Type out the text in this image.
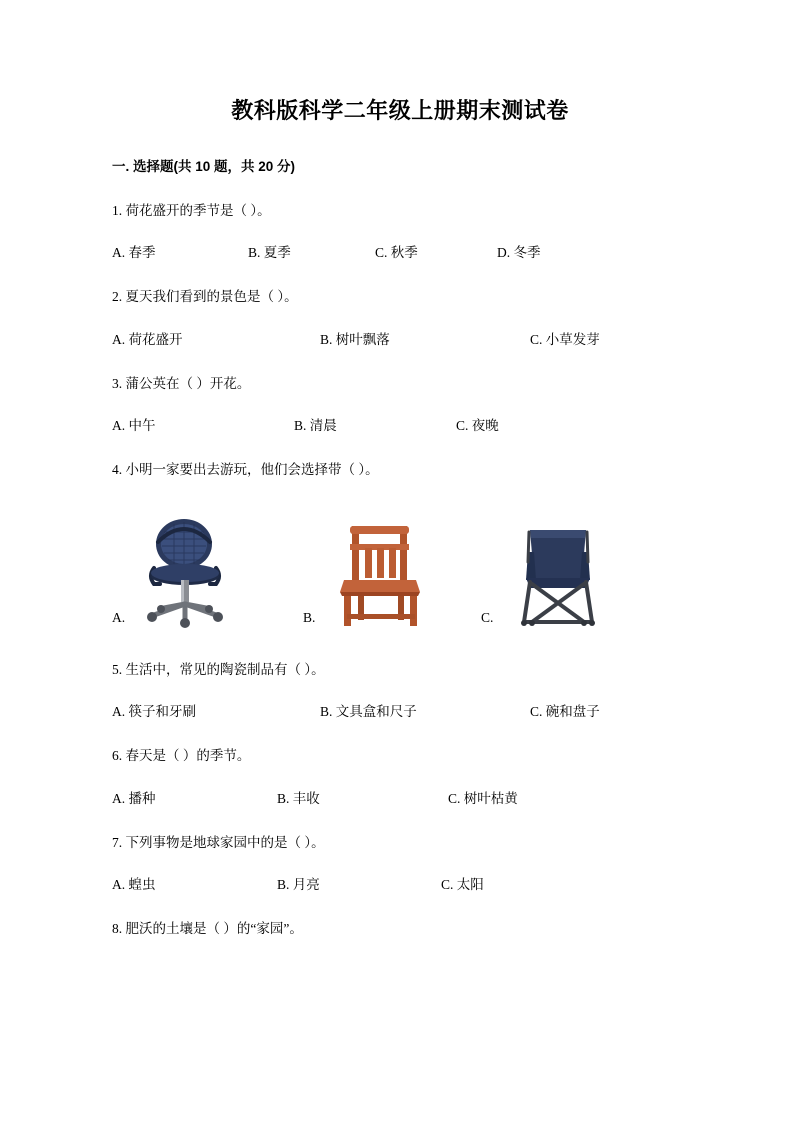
教科版科学二年级上册期末测试卷
一. 选择题(共 10 题，共 20 分)
1. 荷花盛开的季节是（ ）。
A. 春季	B. 夏季	C. 秋季	D. 冬季
2. 夏天我们看到的景色是（ ）。
A. 荷花盛开	B. 树叶飘落	C. 小草发芽
3. 蒲公英在（ ）开花。
A. 中午	B. 清晨	C. 夜晚
4. 小明一家要出去游玩，他们会选择带（ ）。
A.	B.	C.
5. 生活中，常见的陶瓷制品有（ ）。
A. 筷子和牙刷	B. 文具盒和尺子	C. 碗和盘子
6. 春天是（ ）的季节。
A. 播种	B. 丰收	C. 树叶枯黄
7. 下列事物是地球家园中的是（ ）。
A. 蝗虫	B. 月亮	C. 太阳
8. 肥沃的土壤是（ ）的“家园”。
